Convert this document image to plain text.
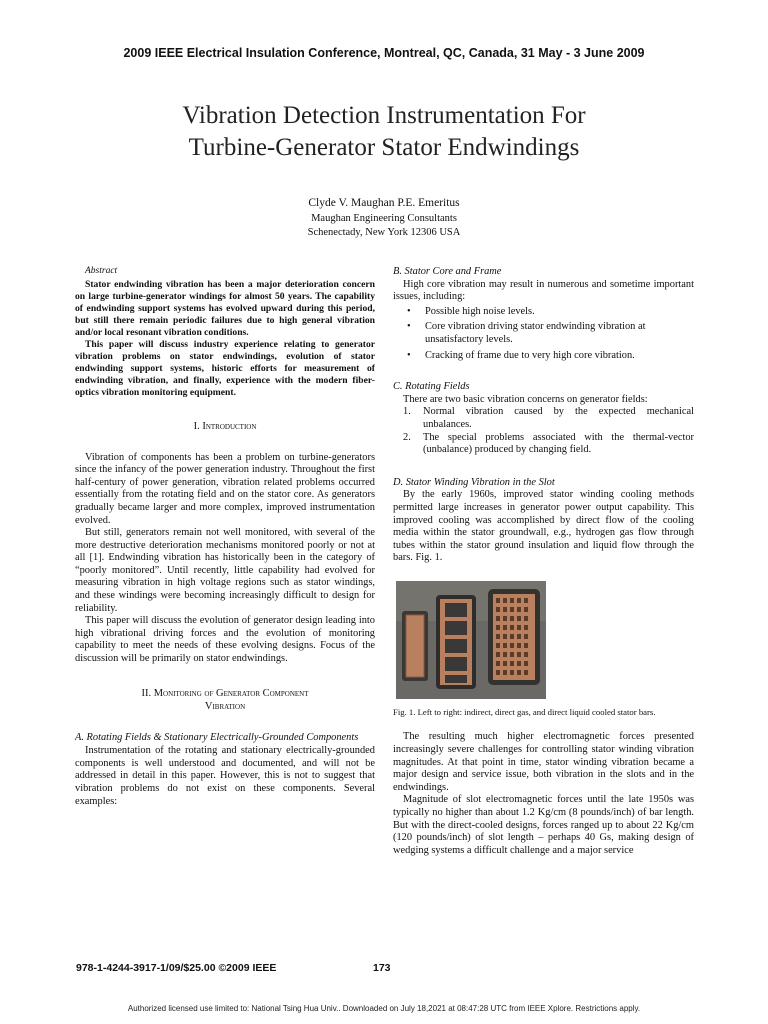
2009 IEEE Electrical Insulation Conference, Montreal, QC, Canada, 31 May - 3 June 2009
Vibration Detection Instrumentation For
Turbine-Generator Stator Endwindings
Clyde V. Maughan P.E. Emeritus
Maughan Engineering Consultants
Schenectady, New York 12306 USA
Abstract

Stator endwinding vibration has been a major deterioration concern on large turbine-generator windings for almost 50 years. The capability of endwinding support systems has evolved upward during this period, but still there remain periodic failures due to high general vibration and/or local resonant vibration conditions.

This paper will discuss industry experience relating to generator vibration problems on stator endwindings, evolution of stator endwinding support systems, historic efforts for measurement of endwinding vibration, and finally, experience with the modern fiber-optics vibration monitoring equipment.

I. Introduction

Vibration of components has been a problem on turbine-generators since the infancy of the power generation industry. Throughout the first half-century of power generation, vibration related problems occurred essentially from the rotating field and on the stator core. As generators gradually became larger and more complex, improved instrumentation evolved.

But still, generators remain not well monitored, with several of the more destructive deterioration mechanisms monitored poorly or not at all [1]. Endwinding vibration has historically been in the category of “poorly monitored”. Until recently, little capability had evolved for measuring vibration in high voltage regions such as stator windings, and these windings were becoming increasingly difficult to design for reliability.

This paper will discuss the evolution of generator design leading into high vibrational driving forces and the evolution of monitoring capability to meet the needs of these evolving designs. Focus of the discussion will be primarily on stator endwindings.

II. Monitoring of Generator Component
Vibration
A. Rotating Fields & Stationary Electrically-Grounded Components

Instrumentation of the rotating and stationary electrically-grounded components is well understood and documented, and will not be addressed in detail in this paper. However, this is not to suggest that vibration problems do not exist on these components. Several examples:

B. Stator Core and Frame

High core vibration may result in numerous and sometime important issues, including:

• Possible high noise levels.
• Core vibration driving stator endwinding vibration at unsatisfactory levels.
• Cracking of frame due to very high core vibration.
C. Rotating Fields

There are two basic vibration concerns on generator fields:

1. Normal vibration caused by the expected mechanical unbalances.
2. The special problems associated with the thermal-vector (unbalance) produced by changing field.
D. Stator Winding Vibration in the Slot

By the early 1960s, improved stator winding cooling methods permitted large increases in generator power output capability. This improved cooling was accomplished by direct flow of the cooling media within the stator groundwall, e.g., hydrogen gas flow through tubes within the stator ground insulation and liquid flow through the bars. Fig. 1.

Fig. 1. Left to right: indirect, direct gas, and direct liquid cooled stator bars.

The resulting much higher electromagnetic forces presented increasingly severe challenges for controlling stator winding vibration magnitudes. At that point in time, stator winding vibration became a major design and service issue, both vibration in the slots and in the endwindings.

Magnitude of slot electromagnetic forces until the late 1950s was typically no higher than about 1.2 Kg/cm (8 pounds/inch) of bar length. But with the direct-cooled designs, forces ranged up to about 22 Kg/cm (120 pounds/inch) of slot length – perhaps 40 Gs, making design of wedging systems a difficult challenge and a major service

978-1-4244-3917-1/09/$25.00 ©2009 IEEE	173
Authorized licensed use limited to: National Tsing Hua Univ.. Downloaded on July 18,2021 at 08:47:28 UTC from IEEE Xplore. Restrictions apply.
